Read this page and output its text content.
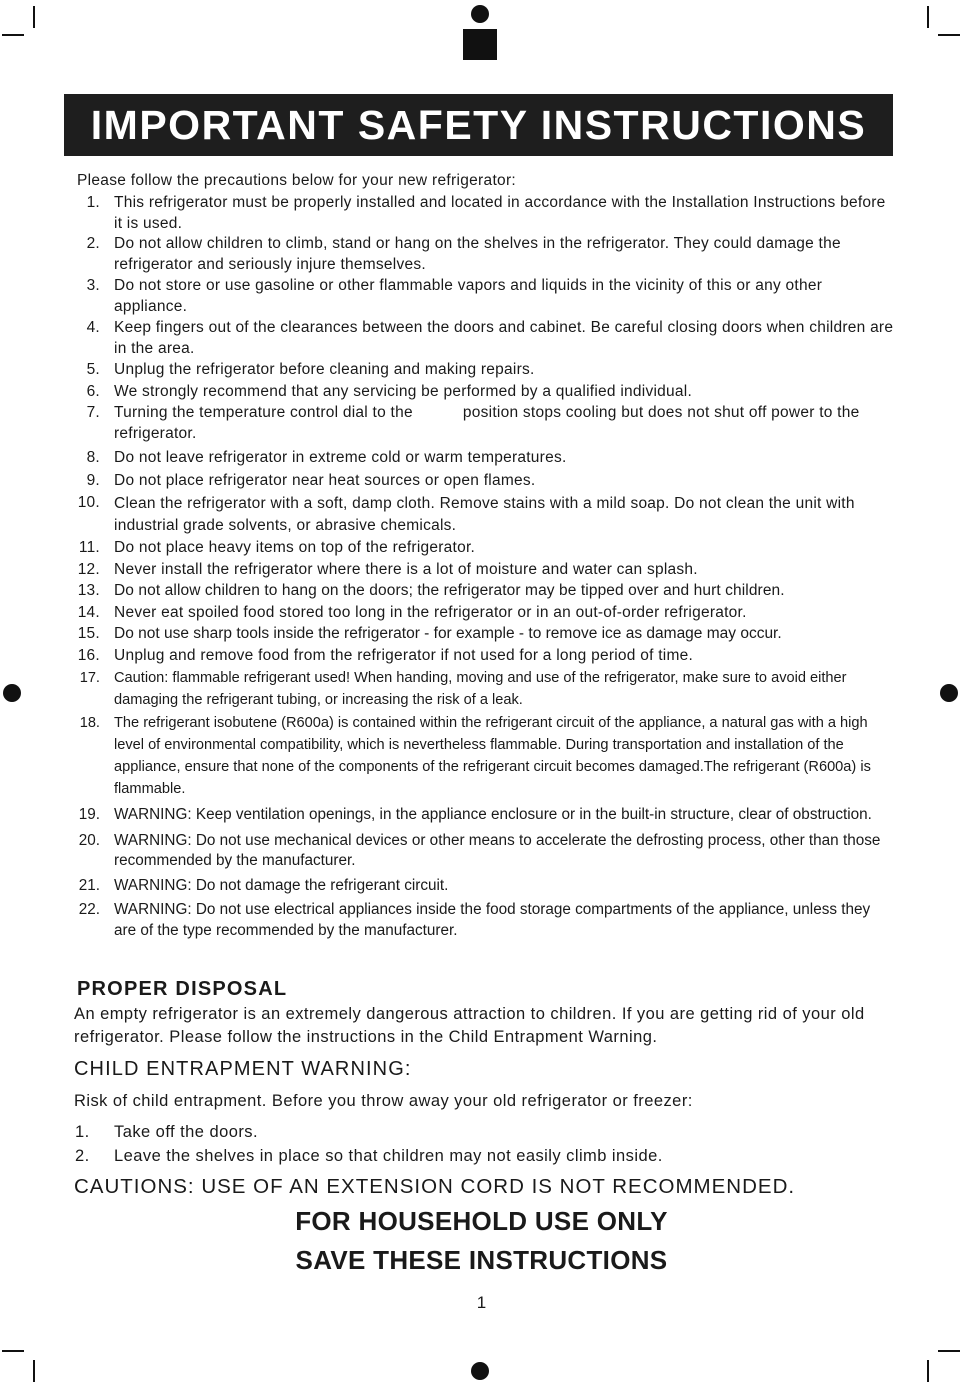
IMPORTANT SAFETY INSTRUCTIONS
Please follow the precautions below for your new refrigerator:
1. This refrigerator must be properly installed and located in accordance with the Installation Instructions before it is used.
2. Do not allow children to climb, stand or hang on the shelves in the refrigerator. They could damage the refrigerator and seriously injure themselves.
3. Do not store or use gasoline or other flammable vapors and liquids in the vicinity of this or any other appliance.
4. Keep fingers out of the clearances between the doors and cabinet. Be careful closing doors when children are in the area.
5. Unplug the refrigerator before cleaning and making repairs.
6. We strongly recommend that any servicing be performed by a qualified individual.
7. Turning the temperature control dial to the           position stops cooling but does not shut off power to the refrigerator.
8. Do not leave refrigerator in extreme cold or warm temperatures.
9. Do not place refrigerator near heat sources or open flames.
10. Clean the refrigerator with a soft, damp cloth. Remove stains with a mild soap. Do not clean the unit with industrial grade solvents, or abrasive chemicals.
11. Do not place heavy items on top of the refrigerator.
12. Never install the refrigerator where there is a lot of moisture and water can splash.
13. Do not allow children to hang on the doors; the refrigerator may be tipped over and hurt children.
14. Never eat spoiled food stored too long in the refrigerator or in an out-of-order refrigerator.
15. Do not use sharp tools inside the refrigerator - for example - to remove ice as damage may occur.
16. Unplug and remove food from the refrigerator if not used for a long period of time.
17. Caution: flammable refrigerant used! When handing, moving and use of the refrigerator, make sure to avoid either damaging the refrigerant tubing, or increasing the risk of a leak.
18. The refrigerant isobutene (R600a) is contained within the refrigerant circuit of the appliance, a natural gas with a high level of environmental compatibility, which is nevertheless flammable. During transportation and installation of the appliance, ensure that none of the components of the refrigerant circuit becomes damaged.The refrigerant (R600a) is flammable.
19. WARNING: Keep ventilation openings, in the appliance enclosure or in the built-in structure, clear of obstruction.
20. WARNING: Do not use mechanical devices or other means to accelerate the defrosting process, other than those recommended by the manufacturer.
21. WARNING: Do not damage the refrigerant circuit.
22. WARNING: Do not use electrical appliances inside the food storage compartments of the appliance, unless they are of the type recommended by the manufacturer.
PROPER DISPOSAL
An empty refrigerator is an extremely dangerous attraction to children. If you are getting rid of your old refrigerator. Please follow the instructions in the Child Entrapment Warning.
CHILD ENTRAPMENT WARNING:
Risk of child entrapment. Before you throw away your old refrigerator or freezer:
1. Take off the doors.
2. Leave the shelves in place so that children may not easily climb inside.
CAUTIONS: USE OF AN EXTENSION CORD IS NOT RECOMMENDED.
FOR HOUSEHOLD USE ONLY
SAVE THESE INSTRUCTIONS
1
